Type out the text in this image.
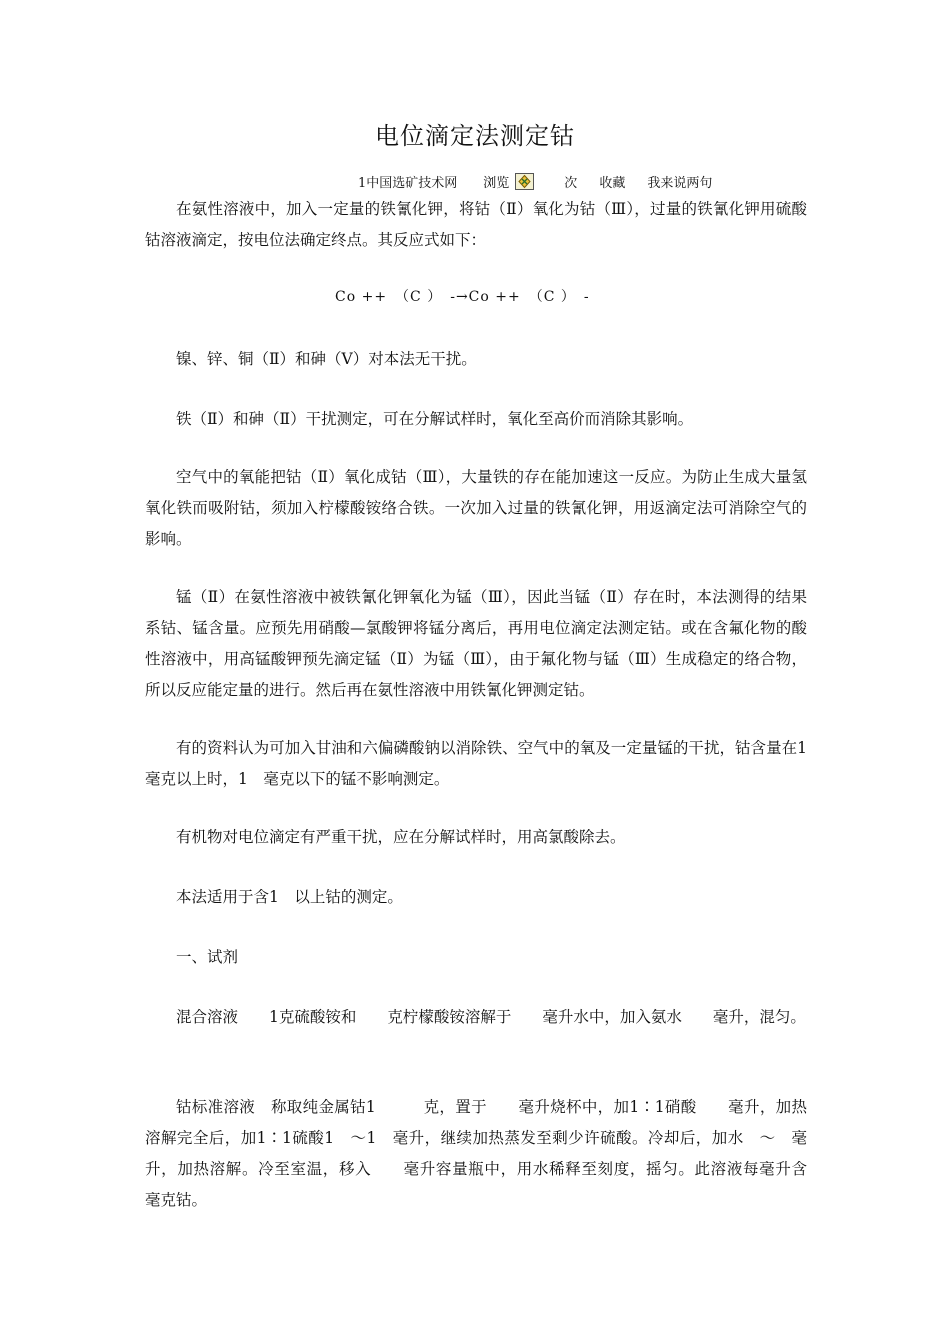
电位滴定法测定钴
1中国选矿技术网 浏览	次 收藏 我来说两句
在氨性溶液中，加入一定量的铁氰化钾，将钴（Ⅱ）氧化为钴（Ⅲ），过量的铁氰化钾用硫酸钴溶液滴定，按电位法确定终点。其反应式如下：
Co ++　（C ）　-→Co ++　（C ）　-
镍、锌、铜（Ⅱ）和砷（Ⅴ）对本法无干扰。
铁（Ⅱ）和砷（Ⅱ）干扰测定，可在分解试样时，氧化至高价而消除其影响。
空气中的氧能把钴（Ⅱ）氧化成钴（Ⅲ），大量铁的存在能加速这一反应。为防止生成大量氢氧化铁而吸附钴，须加入柠檬酸铵络合铁。一次加入过量的铁氰化钾，用返滴定法可消除空气的影响。
锰（Ⅱ）在氨性溶液中被铁氰化钾氧化为锰（Ⅲ），因此当锰（Ⅱ）存在时，本法测得的结果系钴、锰含量。应预先用硝酸—氯酸钾将锰分离后，再用电位滴定法测定钴。或在含氟化物的酸性溶液中，用高锰酸钾预先滴定锰（Ⅱ）为锰（Ⅲ），由于氟化物与锰（Ⅲ）生成稳定的络合物，所以反应能定量的进行。然后再在氨性溶液中用铁氰化钾测定钴。
有的资料认为可加入甘油和六偏磷酸钠以消除铁、空气中的氧及一定量锰的干扰，钴含量在1　毫克以上时，1　毫克以下的锰不影响测定。
有机物对电位滴定有严重干扰，应在分解试样时，用高氯酸除去。
本法适用于含1　以上钴的测定。
一、试剂
混合溶液　　1克硫酸铵和　　克柠檬酸铵溶解于　　毫升水中，加入氨水　　毫升，混匀。
钴标准溶液　称取纯金属钴1　　　克，置于　　毫升烧杯中，加1∶1硝酸　　毫升，加热溶解完全后，加1∶1硫酸1　～1　毫升，继续加热蒸发至剩少许硫酸。冷却后，加水　～　毫升，加热溶解。冷至室温，移入　　毫升容量瓶中，用水稀释至刻度，摇匀。此溶液每毫升含　毫克钴。
